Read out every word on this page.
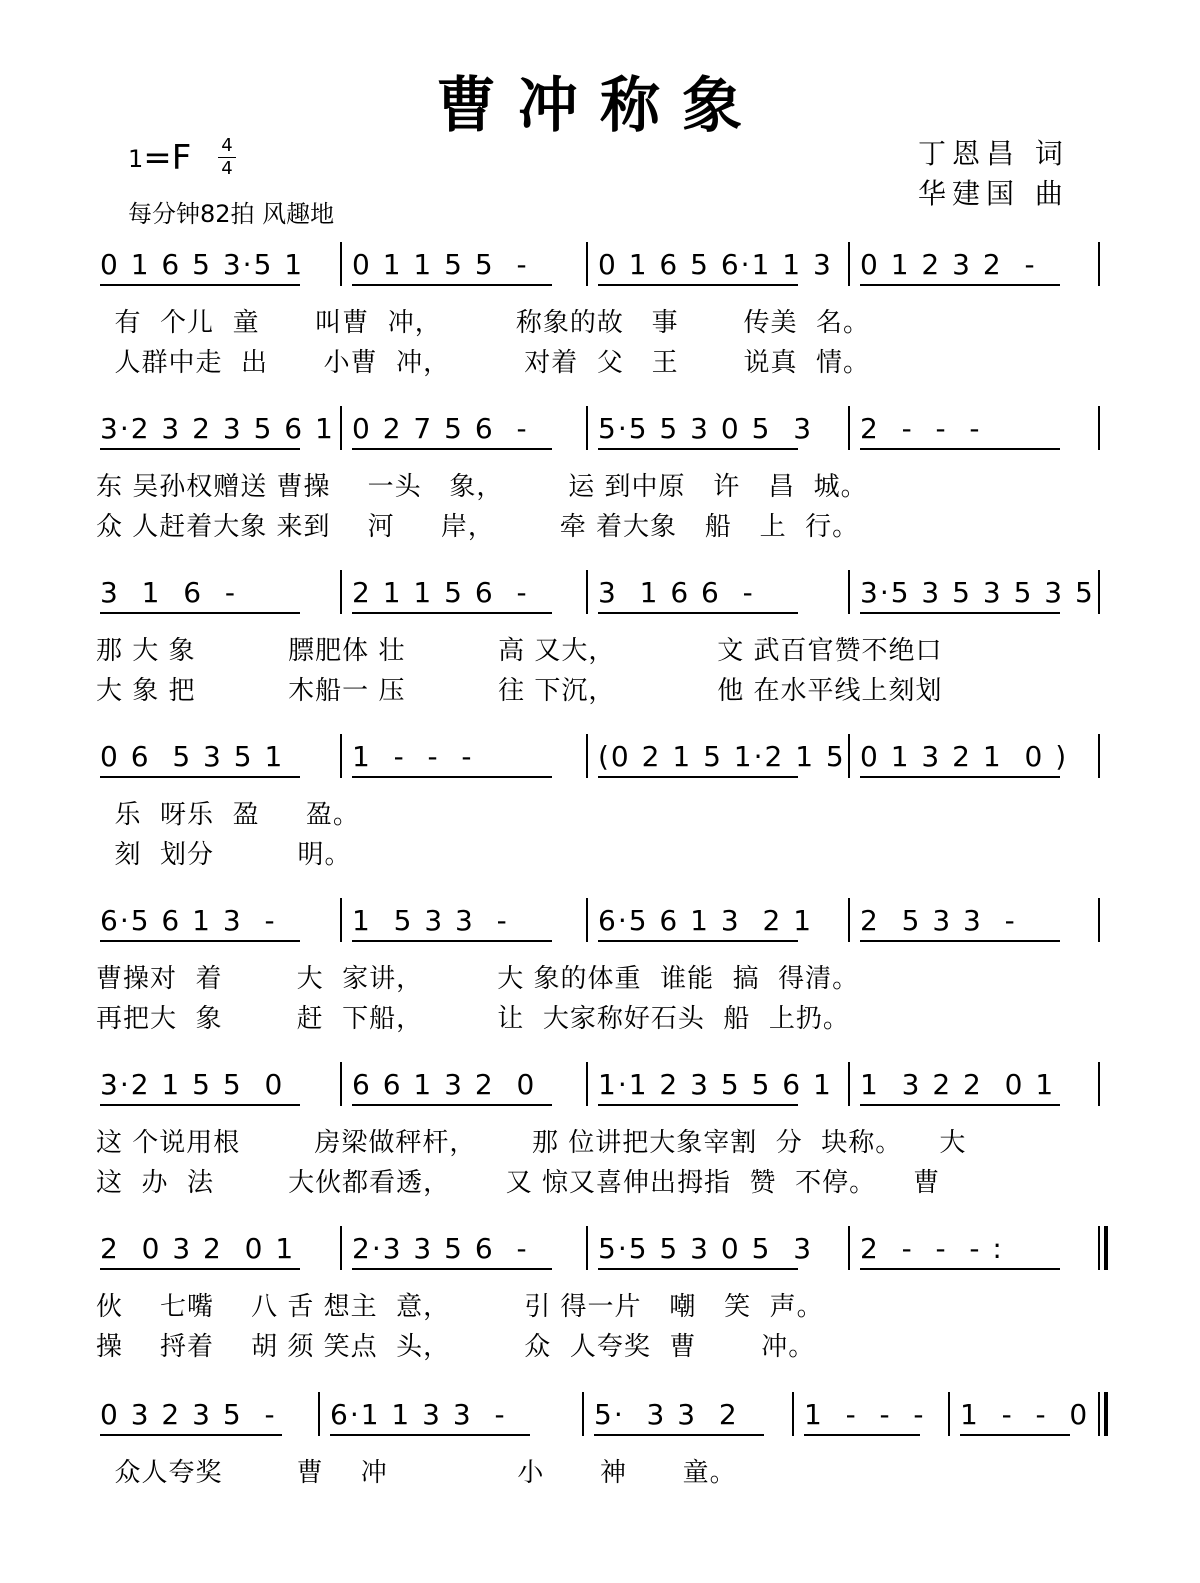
曹冲称象
1=F 4
4
每分钟82拍 风趣地
丁恩昌 词
华建国 曲
0 1 6 5 3·5 1 0 1 1 5 5  - 0 1 6 5 6·1 1 3 0 1 2 3 2  -
有  个儿  童      叫曹  冲，        称象的故   事       传美  名。
人群中走  出      小曹  冲，        对着  父   王       说真  情。
3·2 3 2 3 5 6 1 0 2 7 5 6  - 5·5 5 3 0 5  3 2  -  -  -
东 吴孙权赠送 曹操    一头   象，       运 到中原   许   昌  城。
众 人赶着大象 来到    河     岸，       牵 着大象   船   上  行。
3  1  6  -	2 1 1 5 6  - 3  1 6 6  -	3·5 3 5 3 5 3 5
那 大 象          膘肥体 壮          高 又大，           文 武百官赞不绝口
大 象 把          木船一 压          往 下沉，           他 在水平线上刻划
0 6  5 3 5 1 1  -  -  -	(0 2 1 5 1·2 1 5 0 1 3 2 1  0 )
乐  呀乐  盈     盈。
刻  划分         明。
6·5 6 1 3  -	1  5 3 3  -	6·5 6 1 3  2 1 2  5 3 3  -
曹操对  着        大  家讲，        大 象的体重  谁能  搞  得清。
再把大  象        赶  下船，        让  大家称好石头  船  上扔。
3·2 1 5 5  0 6 6 1 3 2  0 1·1 2 3 5 5 6 1 1  3 2 2  0 1
这 个说用根        房梁做秤杆，      那 位讲把大象宰割  分  块称。    大
这  办  法        大伙都看透，      又 惊又喜伸出拇指  赞  不停。    曹
2  0 3 2  0 1 2·3 3 5 6  - 5·5 5 3 0 5  3 2  -  -  - :
伙    七嘴    八 舌 想主  意，        引 得一片   嘲   笑  声。
操    捋着    胡 须 笑点  头，        众  人夸奖  曹       冲。
0 3 2 3 5  - 6·1 1 3 3  -	5·  3 3  2 1  -  -  - 1  -  -  0
众人夸奖        曹    冲              小      神      童。
